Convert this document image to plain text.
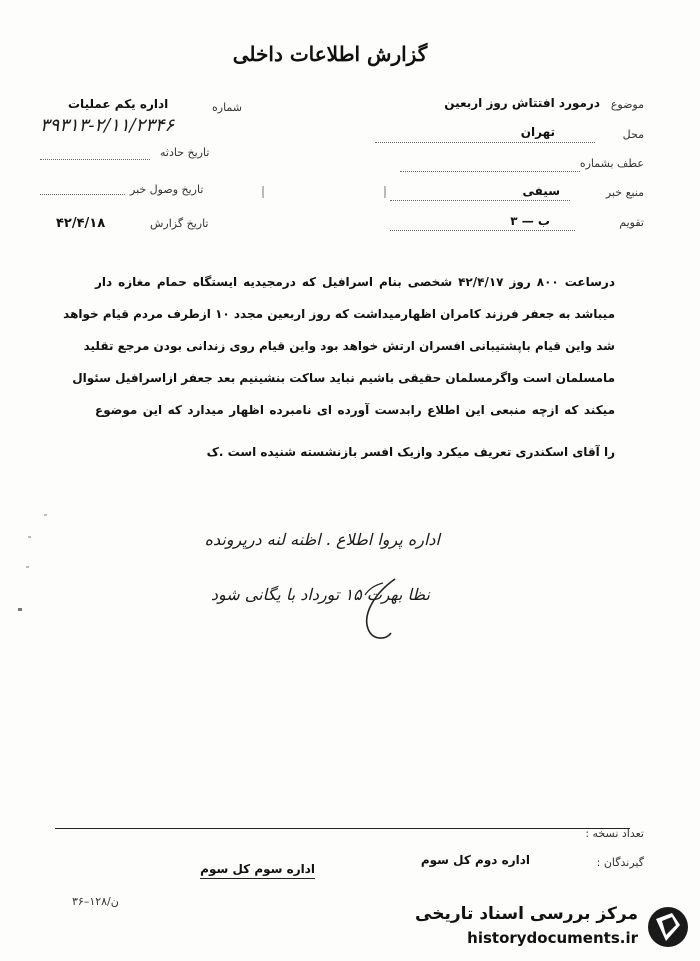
گزارش اطلاعات داخلی
موضوع
درمورد افتتاش روز اربعین
محل
تهران
عطف بشماره
منبع خبر
سیفی
تقویم
ب — ۳
شماره
اداره یکم عملیات
۳۹۳۱۳-۲/۱۱/۲۳۴۶
تاریخ حادثه
تاریخ وصول خبر
تاریخ گزارش
۴۲/۴/۱۸
درساعت ۸۰۰ روز ۴۲/۴/۱۷ شخصی بنام اسرافیل که درمجیدیه ایستگاه حمام مغازه دار
میباشد به جعفر فرزند کامران اظهارمیداشت که روز اربعین مجدد ۱۰ ازطرف مردم قیام خواهد
شد واین قیام باپشتیبانی افسران ارتش خواهد بود واین قیام روی زندانی بودن مرجع تقلید
مامسلمان است واگرمسلمان حقیقی باشیم نباید ساکت بنشینیم بعد جعفر ازاسرافیل سئوال
میکند که ازچه منبعی این اطلاع رابدست آورده ای نامبرده اظهار میدارد که این موضوع
را آقای اسکندری تعریف میکرد وازیک افسر بازنشسته شنیده است .ک
اداره پروا اطلاع . اظنه لنه درپرونده
نظا بهرت ۱۵ تورداد با یگانی شود
تعداد نسخه :
گیرندگان :
اداره دوم کل سوم
اداره سوم کل سوم
۳۶–۱۲۸/ن
مرکز بررسی اسناد تاریخی
historydocuments.ir
